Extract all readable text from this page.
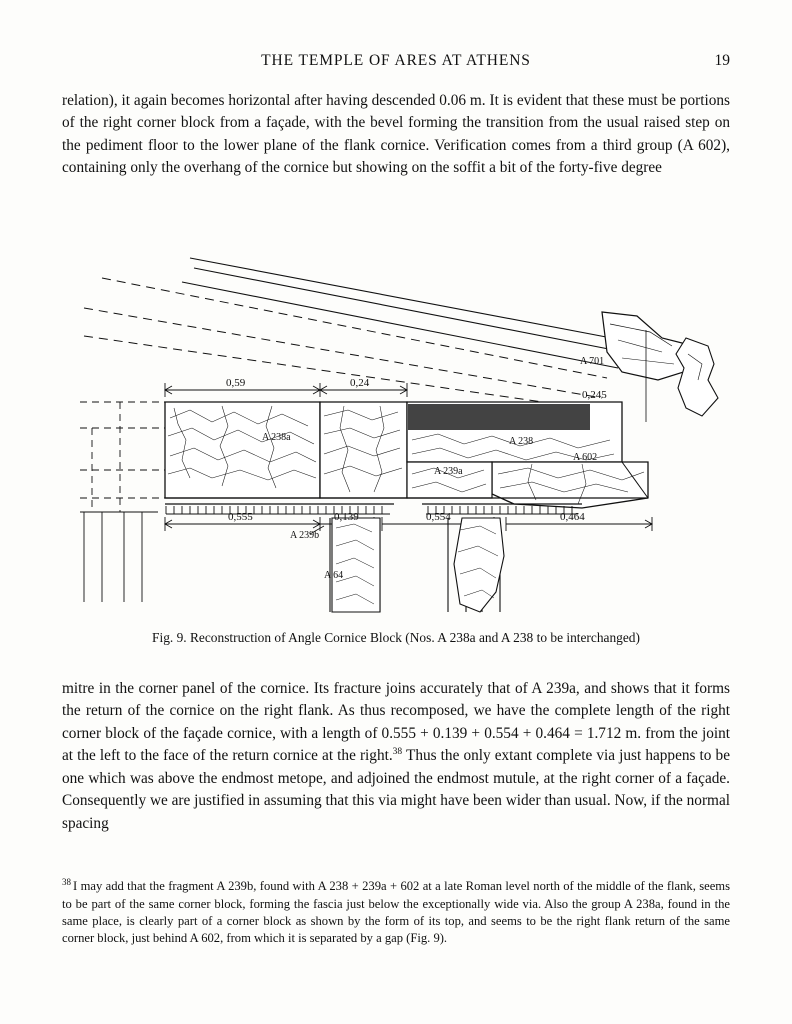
THE TEMPLE OF ARES AT ATHENS	19

relation), it again becomes horizontal after having descended 0.06 m. It is evident that these must be portions of the right corner block from a façade, with the bevel forming the transition from the usual raised step on the pediment floor to the lower plane of the flank cornice. Verification comes from a third group (A 602), containing only the overhang of the cornice but showing on the soffit a bit of the forty-five degree

A 701
A 238a	A 238
A 602
A 239a
A 239b
A 64
0,59	0,24
0,245
0,555	0,139	0,554	0,464
Fig. 9. Reconstruction of Angle Cornice Block (Nos. A 238a and A 238 to be interchanged)

mitre in the corner panel of the cornice. Its fracture joins accurately that of A 239a, and shows that it forms the return of the cornice on the right flank. As thus recomposed, we have the complete length of the right corner block of the façade cornice, with a length of 0.555 + 0.139 + 0.554 + 0.464 = 1.712 m. from the joint at the left to the face of the return cornice at the right.$^{38}$ Thus the only extant complete via just happens to be one which was above the endmost metope, and adjoined the endmost mutule, at the right corner of a façade. Consequently we are justified in assuming that this via might have been wider than usual. Now, if the normal spacing

$^{38}$ I may add that the fragment A 239b, found with A 238 + 239a + 602 at a late Roman level north of the middle of the flank, seems to be part of the same corner block, forming the fascia just below the exceptionally wide via. Also the group A 238a, found in the same place, is clearly part of a corner block as shown by the form of its top, and seems to be the right flank return of the same corner block, just behind A 602, from which it is separated by a gap (Fig. 9).
